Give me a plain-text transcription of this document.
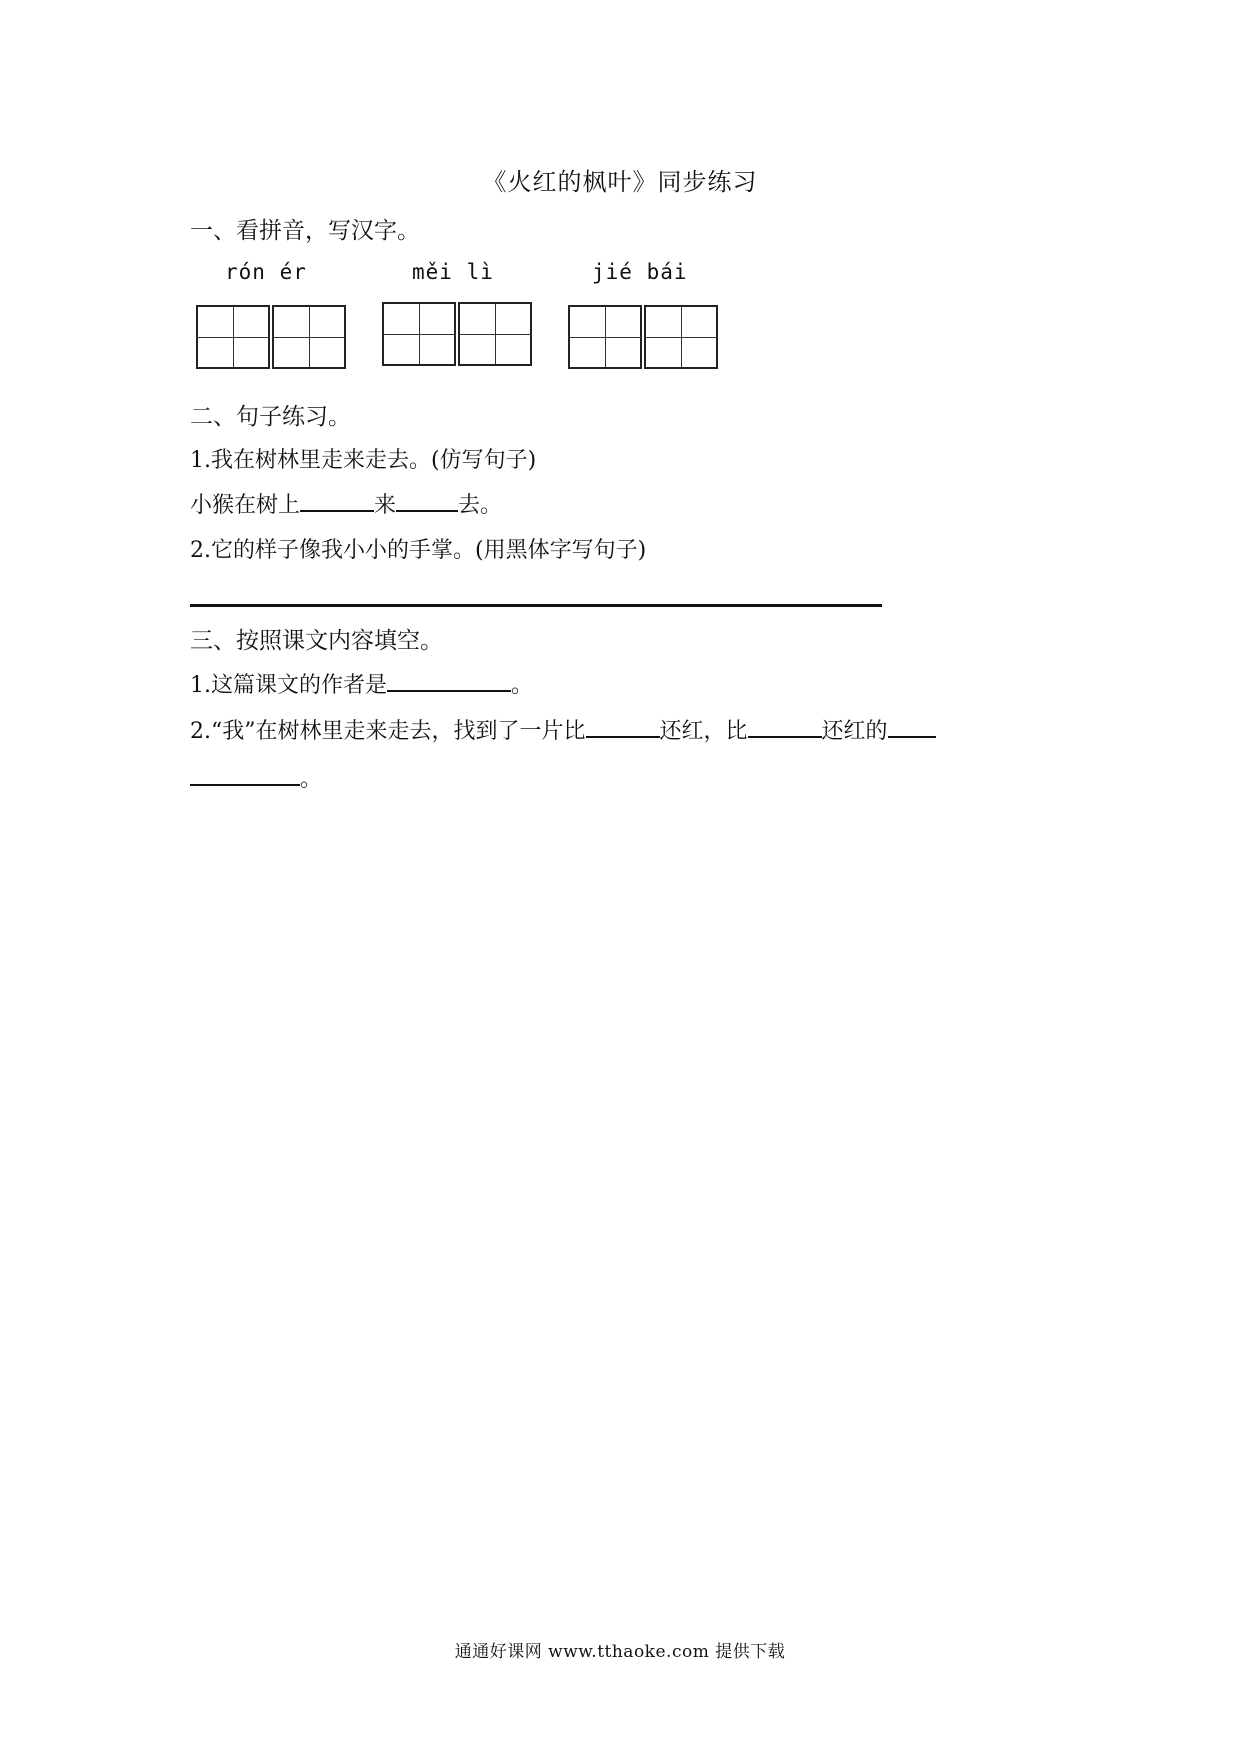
《火红的枫叶》同步练习
一、看拼音，写汉字。
rón ér	měi lì	jié bái
二、句子练习。
1.我在树林里走来走去。(仿写句子)
小猴在树上	来	去。
2.它的样子像我小小的手掌。(用黑体字写句子)
三、按照课文内容填空。
1.这篇课文的作者是	。
2.“我”在树林里走来走去，找到了一片比	还红，比	还红的
。
通通好课网 www.tthaoke.com 提供下载
